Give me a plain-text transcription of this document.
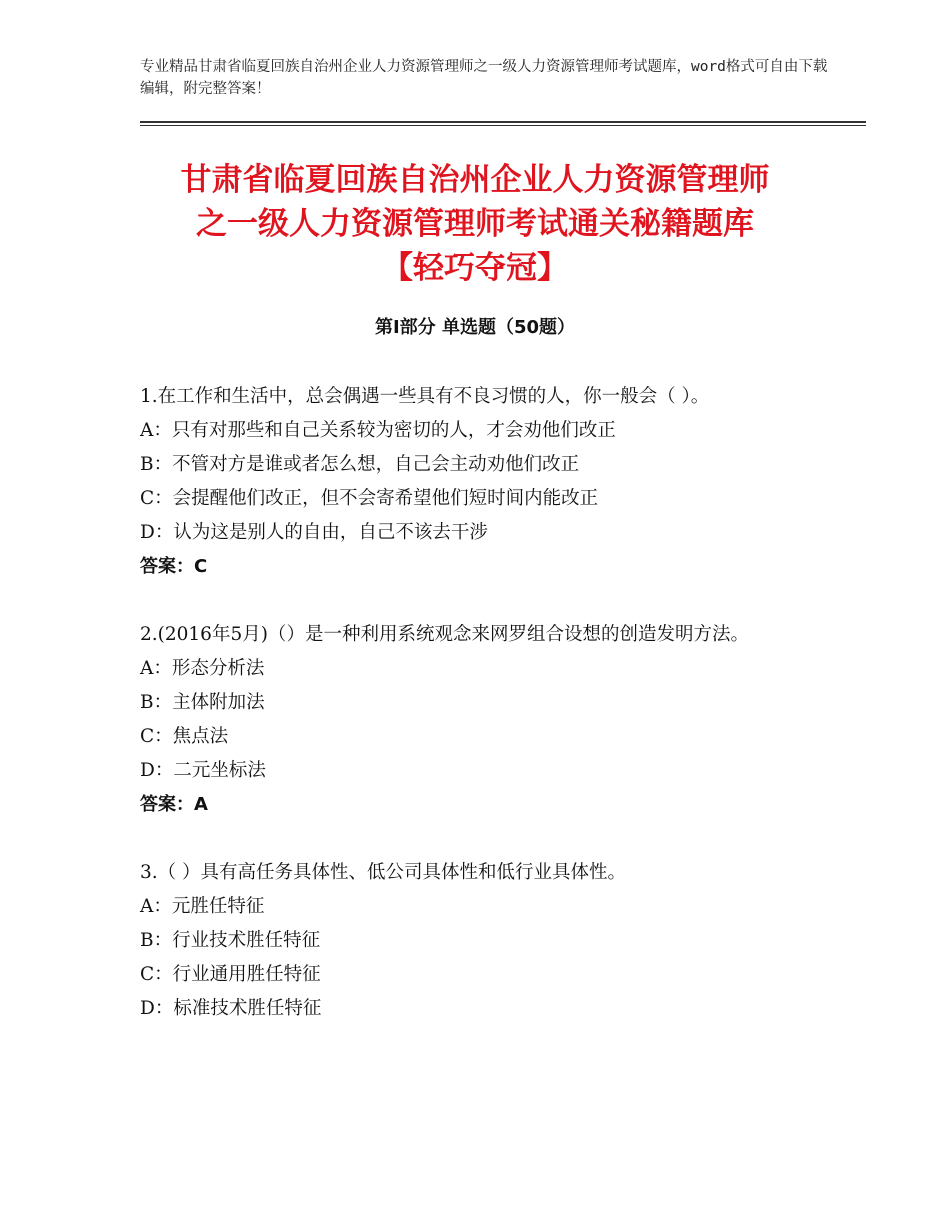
专业精品甘肃省临夏回族自治州企业人力资源管理师之一级人力资源管理师考试题库，word格式可自由下载编辑，附完整答案！
甘肃省临夏回族自治州企业人力资源管理师
之一级人力资源管理师考试通关秘籍题库
【轻巧夺冠】
第Ⅰ部分 单选题（50题）
1.在工作和生活中，总会偶遇一些具有不良习惯的人，你一般会（ ）。
A：只有对那些和自己关系较为密切的人，才会劝他们改正
B：不管对方是谁或者怎么想，自己会主动劝他们改正
C：会提醒他们改正，但不会寄希望他们短时间内能改正
D：认为这是别人的自由，自己不该去干涉
答案：C
2.(2016年5月)（）是一种利用系统观念来网罗组合设想的创造发明方法。
A：形态分析法
B：主体附加法
C：焦点法
D：二元坐标法
答案：A
3.（ ）具有高任务具体性、低公司具体性和低行业具体性。
A：元胜任特征
B：行业技术胜任特征
C：行业通用胜任特征
D：标准技术胜任特征
